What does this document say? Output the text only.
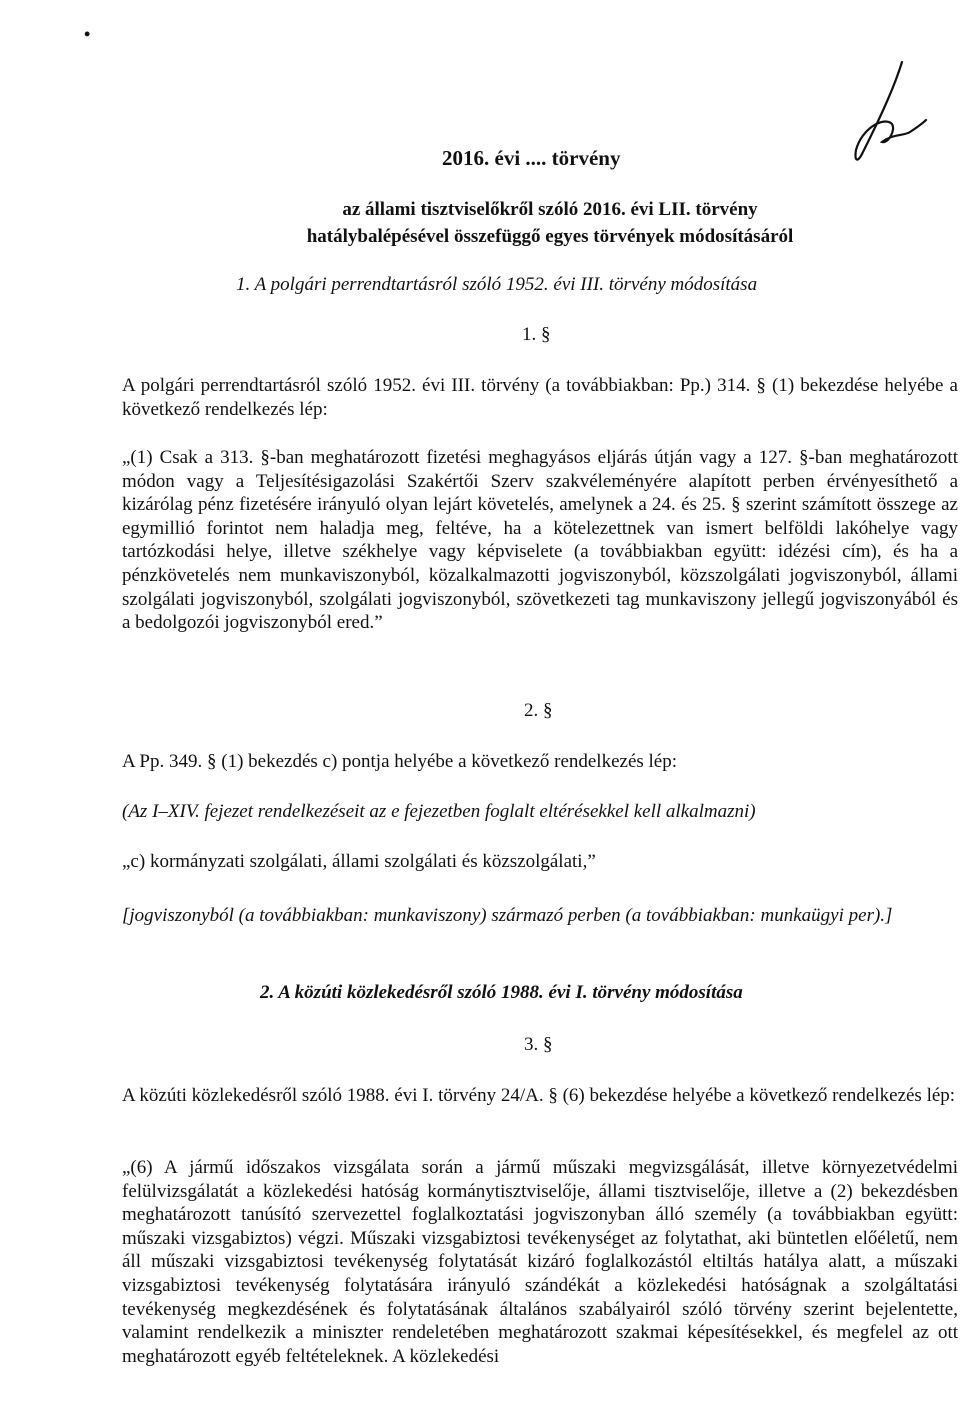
•
2016. évi .... törvény
az állami tisztviselőkről szóló 2016. évi LII. törvény
hatálybalépésével összefüggő egyes törvények módosításáról
1. A polgári perrendtartásról szóló 1952. évi III. törvény módosítása
1. §
A polgári perrendtartásról szóló 1952. évi III. törvény (a továbbiakban: Pp.) 314. § (1) bekezdése helyébe a következő rendelkezés lép:
„(1) Csak a 313. §-ban meghatározott fizetési meghagyásos eljárás útján vagy a 127. §-ban meghatározott módon vagy a Teljesítésigazolási Szakértői Szerv szakvéleményére alapított perben érvényesíthető a kizárólag pénz fizetésére irányuló olyan lejárt követelés, amelynek a 24. és 25. § szerint számított összege az egymillió forintot nem haladja meg, feltéve, ha a kötelezettnek van ismert belföldi lakóhelye vagy tartózkodási helye, illetve székhelye vagy képviselete (a továbbiakban együtt: idézési cím), és ha a pénzkövetelés nem munkaviszonyból, közalkalmazotti jogviszonyból, közszolgálati jogviszonyból, állami szolgálati jogviszonyból, szolgálati jogviszonyból, szövetkezeti tag munkaviszony jellegű jogviszonyából és a bedolgozói jogviszonyból ered.”
2. §
A Pp. 349. § (1) bekezdés c) pontja helyébe a következő rendelkezés lép:
(Az I–XIV. fejezet rendelkezéseit az e fejezetben foglalt eltérésekkel kell alkalmazni)
„c) kormányzati szolgálati, állami szolgálati és közszolgálati,”
[jogviszonyból (a továbbiakban: munkaviszony) származó perben (a továbbiakban: munkaügyi per).]
2. A közúti közlekedésről szóló 1988. évi I. törvény módosítása
3. §
A közúti közlekedésről szóló 1988. évi I. törvény 24/A. § (6) bekezdése helyébe a következő rendelkezés lép:
„(6) A jármű időszakos vizsgálata során a jármű műszaki megvizsgálását, illetve környezetvédelmi felülvizsgálatát a közlekedési hatóság kormánytisztviselője, állami tisztviselője, illetve a (2) bekezdésben meghatározott tanúsító szervezettel foglalkoztatási jogviszonyban álló személy (a továbbiakban együtt: műszaki vizsgabiztos) végzi. Műszaki vizsgabiztosi tevékenységet az folytathat, aki büntetlen előéletű, nem áll műszaki vizsgabiztosi tevékenység folytatását kizáró foglalkozástól eltiltás hatálya alatt, a műszaki vizsgabiztosi tevékenység folytatására irányuló szándékát a közlekedési hatóságnak a szolgáltatási tevékenység megkezdésének és folytatásának általános szabályairól szóló törvény szerint bejelentette, valamint rendelkezik a miniszter rendeletében meghatározott szakmai képesítésekkel, és megfelel az ott meghatározott egyéb feltételeknek. A közlekedési
